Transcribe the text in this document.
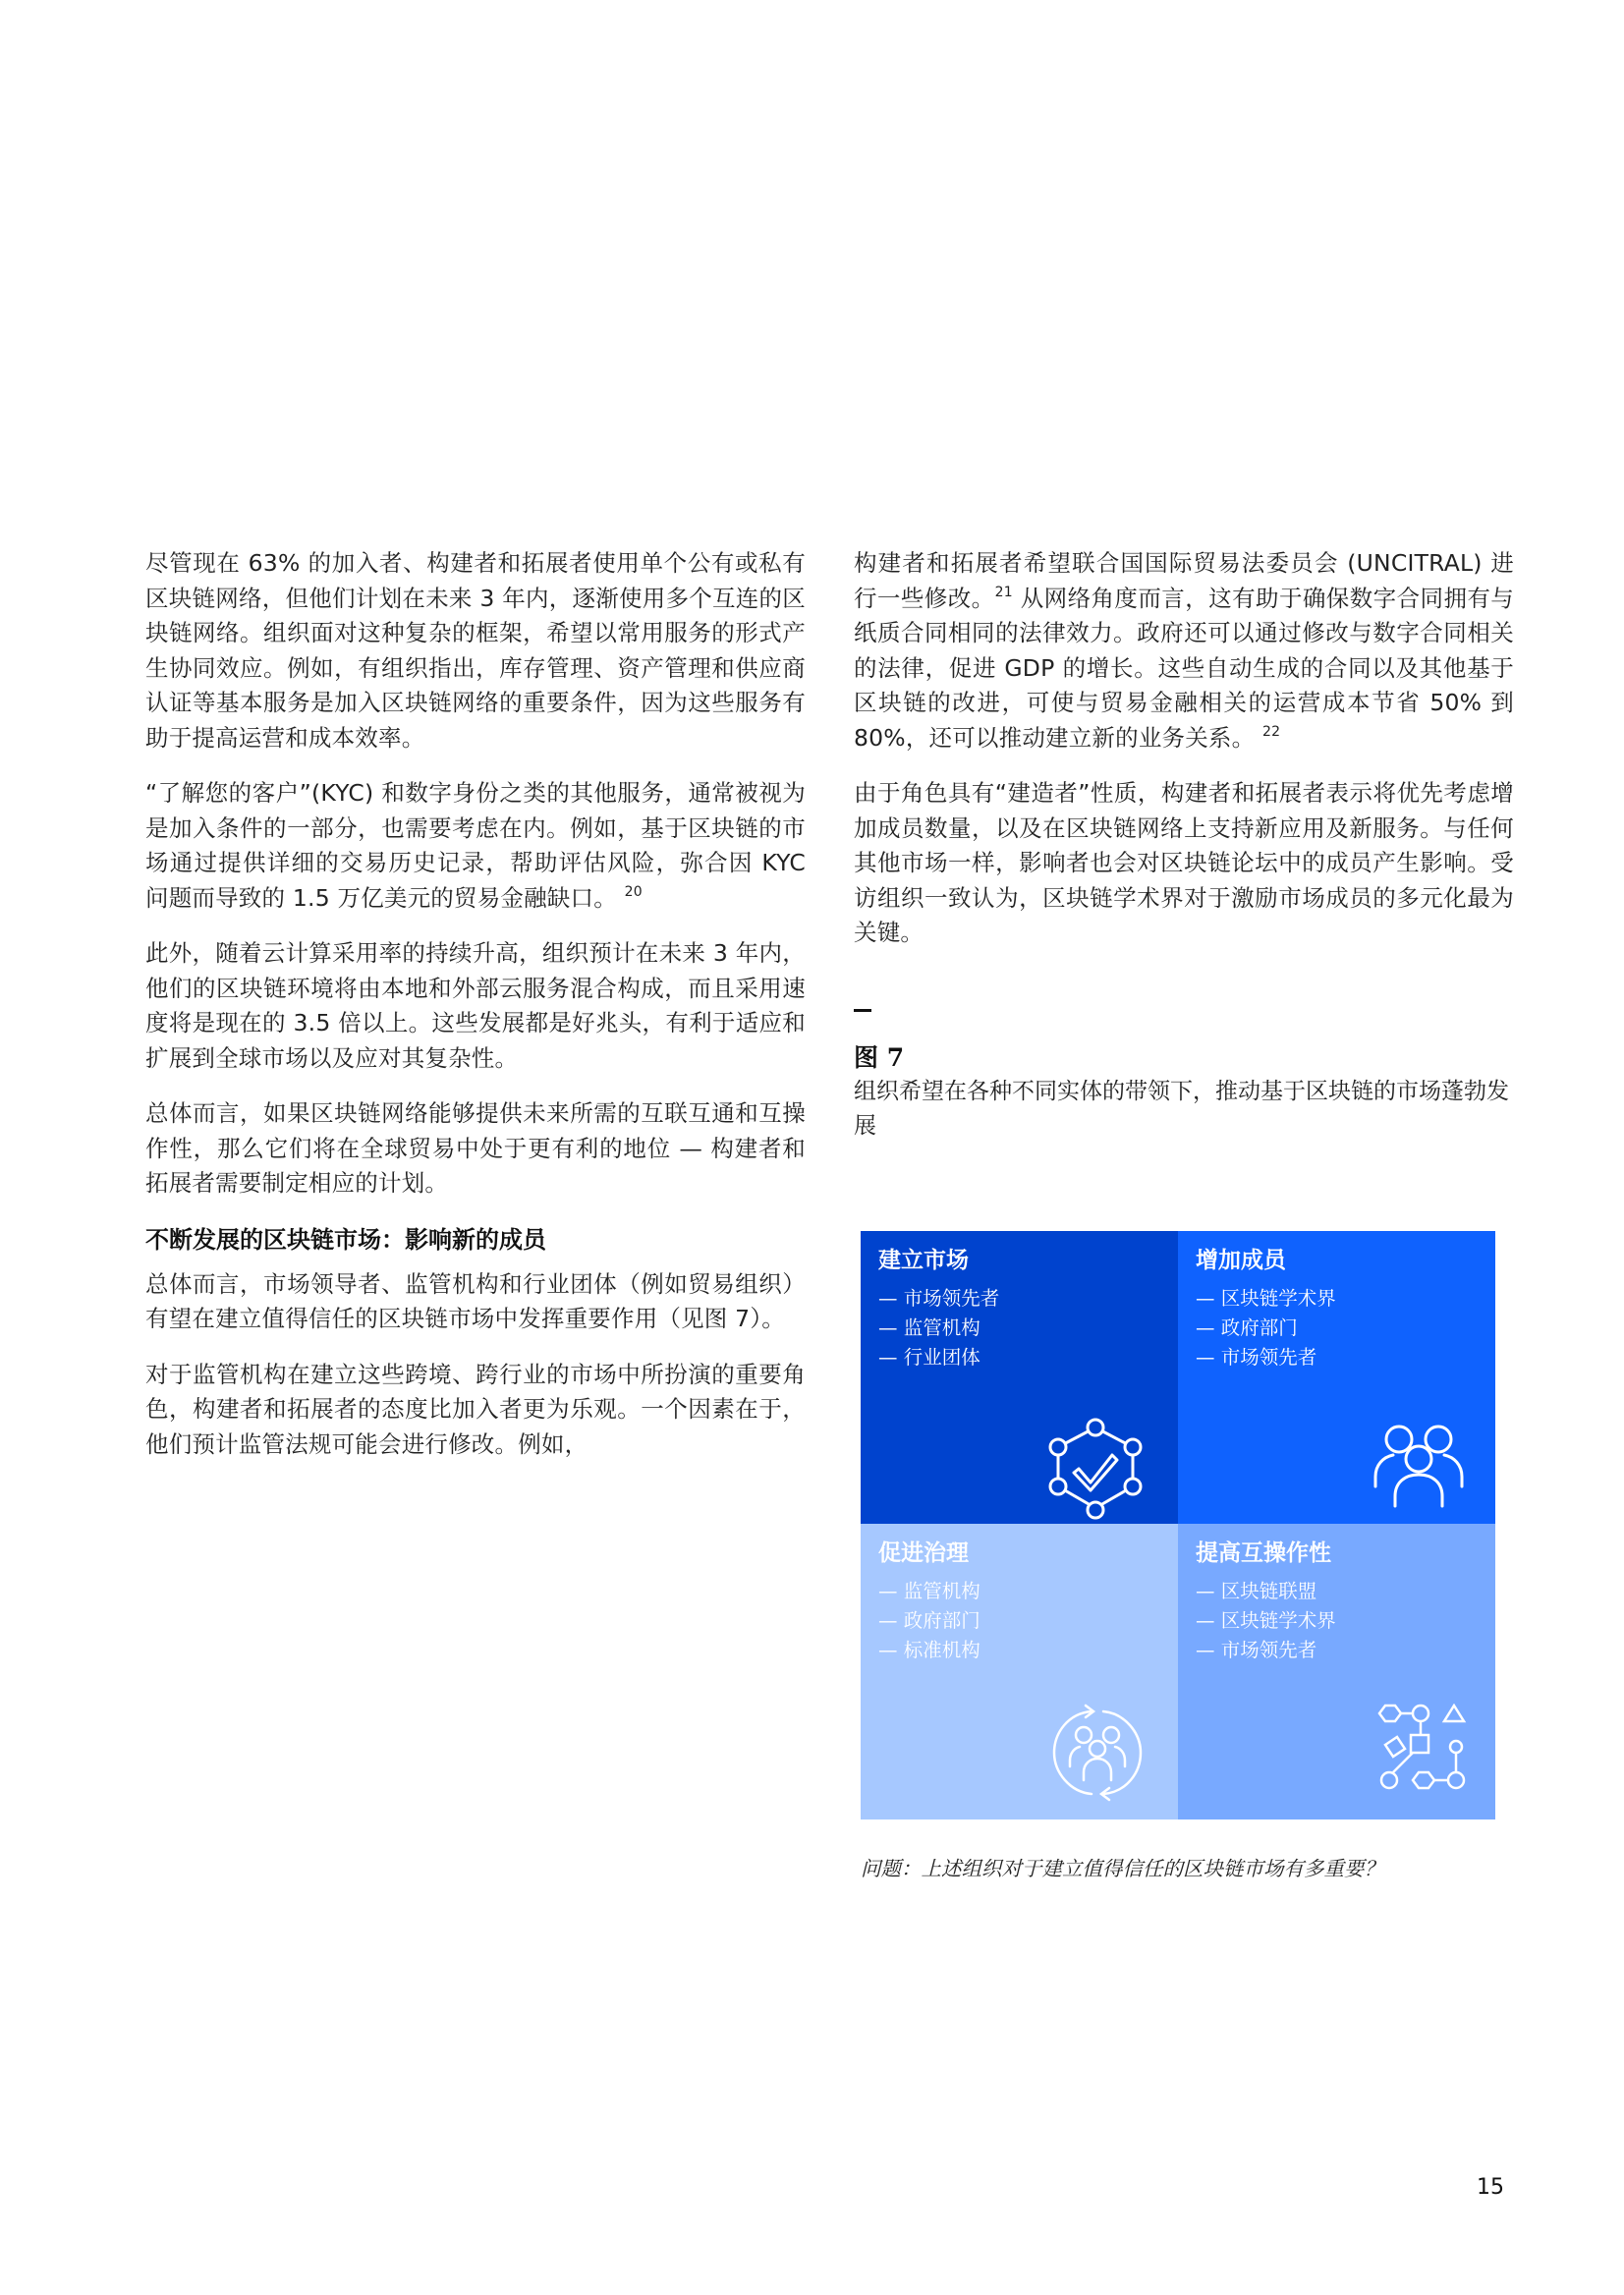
尽管现在 63% 的加入者、构建者和拓展者使用单个公有或私有区块链网络，但他们计划在未来 3 年内，逐渐使用多个互连的区块链网络。组织面对这种复杂的框架，希望以常用服务的形式产生协同效应。例如，有组织指出，库存管理、资产管理和供应商认证等基本服务是加入区块链网络的重要条件，因为这些服务有助于提高运营和成本效率。

“了解您的客户”(KYC) 和数字身份之类的其他服务，通常被视为是加入条件的一部分，也需要考虑在内。例如，基于区块链的市场通过提供详细的交易历史记录，帮助评估风险，弥合因 KYC 问题而导致的 1.5 万亿美元的贸易金融缺口。 $^{20}$

此外，随着云计算采用率的持续升高，组织预计在未来 3 年内，他们的区块链环境将由本地和外部云服务混合构成，而且采用速度将是现在的 3.5 倍以上。这些发展都是好兆头，有利于适应和扩展到全球市场以及应对其复杂性。

总体而言，如果区块链网络能够提供未来所需的互联互通和互操作性，那么它们将在全球贸易中处于更有利的地位 — 构建者和拓展者需要制定相应的计划。

不断发展的区块链市场：影响新的成员

总体而言，市场领导者、监管机构和行业团体（例如贸易组织）有望在建立值得信任的区块链市场中发挥重要作用（见图 7）。

对于监管机构在建立这些跨境、跨行业的市场中所扮演的重要角色，构建者和拓展者的态度比加入者更为乐观。一个因素在于，他们预计监管法规可能会进行修改。例如，

构建者和拓展者希望联合国国际贸易法委员会 (UNCITRAL) 进行一些修改。$^{21}$ 从网络角度而言，这有助于确保数字合同拥有与纸质合同相同的法律效力。政府还可以通过修改与数字合同相关的法律，促进 GDP 的增长。这些自动生成的合同以及其他基于区块链的改进，可使与贸易金融相关的运营成本节省 50% 到 80%，还可以推动建立新的业务关系。 $^{22}$

由于角色具有“建造者”性质，构建者和拓展者表示将优先考虑增加成员数量，以及在区块链网络上支持新应用及新服务。与任何其他市场一样，影响者也会对区块链论坛中的成员产生影响。受访组织一致认为，区块链学术界对于激励市场成员的多元化最为关键。

图 7
组织希望在各种不同实体的带领下，推动基于区块链的市场蓬勃发展
建立市场
— 市场领先者
— 监管机构
— 行业团体
增加成员
— 区块链学术界
— 政府部门
— 市场领先者
促进治理
— 监管机构
— 政府部门
— 标准机构
提高互操作性
— 区块链联盟
— 区块链学术界
— 市场领先者
问题：上述组织对于建立值得信任的区块链市场有多重要？
15
